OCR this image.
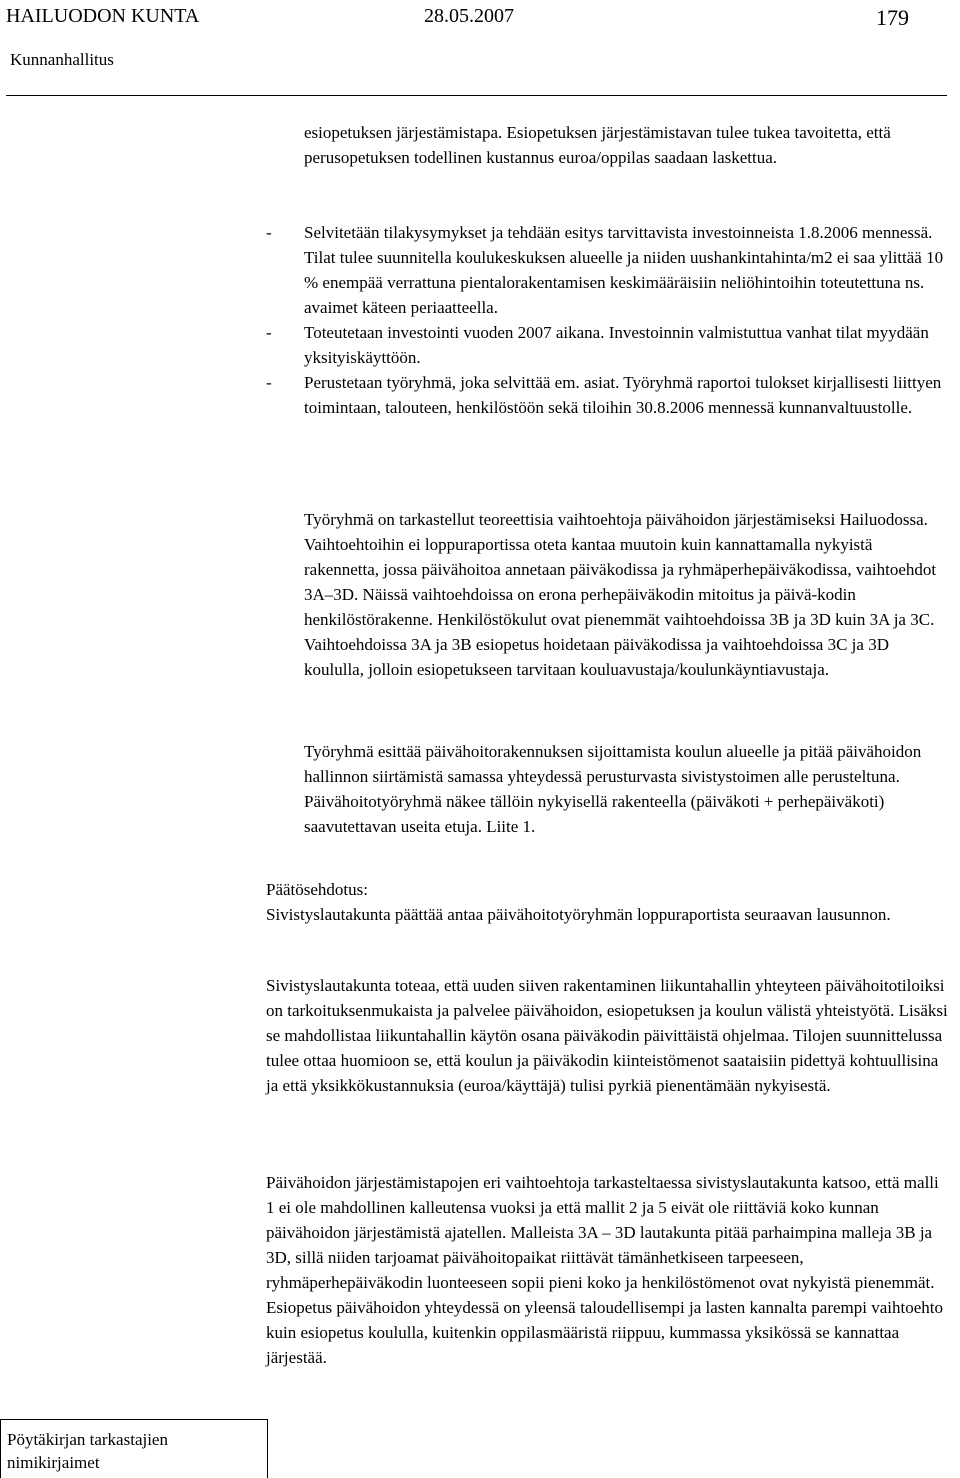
HAILUODON KUNTA	28.05.2007	179
Kunnanhallitus

esiopetuksen järjestämistapa. Esiopetuksen järjestämistavan tulee tukea tavoitetta, että perusopetuksen todellinen kustannus euroa/oppilas saadaan laskettua.

- Selvitetään tilakysymykset ja tehdään esitys tarvittavista investoinneista 1.8.2006 mennessä. Tilat tulee suunnitella koulukeskuksen alueelle ja niiden uushankintahinta/m2 ei saa ylittää 10 % enempää verrattuna pientalorakentamisen keskimääräisiin neliöhintoihin toteutettuna ns. avaimet käteen periaatteella.

- Toteutetaan investointi vuoden 2007 aikana. Investoinnin valmistuttua vanhat tilat myydään yksityiskäyttöön.

- Perustetaan työryhmä, joka selvittää em. asiat. Työryhmä raportoi tulokset kirjallisesti liittyen toimintaan, talouteen, henkilöstöön sekä tiloihin 30.8.2006 mennessä kunnanvaltuustolle.

Työryhmä on tarkastellut teoreettisia vaihtoehtoja päivähoidon järjestämiseksi Hailuodossa. Vaihtoehtoihin ei loppuraportissa oteta kantaa muutoin kuin kannattamalla nykyistä rakennetta, jossa päivähoitoa annetaan päiväkodissa ja ryhmäperhepäiväkodissa, vaihtoehdot 3A–3D. Näissä vaihtoehdoissa on erona perhepäiväkodin mitoitus ja päivä-kodin henkilöstörakenne. Henkilöstökulut ovat pienemmät vaihtoehdoissa 3B ja 3D kuin 3A ja 3C. Vaihtoehdoissa 3A ja 3B esiopetus hoidetaan päiväkodissa ja vaihtoehdoissa 3C ja 3D koululla, jolloin esiopetukseen tarvitaan kouluavustaja/koulunkäyntiavustaja.

Työryhmä esittää päivähoitorakennuksen sijoittamista koulun alueelle ja pitää päivähoidon hallinnon siirtämistä samassa yhteydessä perusturvasta sivistystoimen alle perusteltuna. Päivähoitotyöryhmä näkee tällöin nykyisellä rakenteella (päiväkoti + perhepäiväkoti) saavutettavan useita etuja. Liite 1.

Päätösehdotus:

Sivistyslautakunta päättää antaa päivähoitotyöryhmän loppuraportista seuraavan lausunnon.

Sivistyslautakunta toteaa, että uuden siiven rakentaminen liikuntahallin yhteyteen päivähoitotiloiksi on tarkoituksenmukaista ja palvelee päivähoidon, esiopetuksen ja koulun välistä yhteistyötä. Lisäksi se mahdollistaa liikuntahallin käytön osana päiväkodin päivittäistä ohjelmaa. Tilojen suunnittelussa tulee ottaa huomioon se, että koulun ja päiväkodin kiinteistömenot saataisiin pidettyä kohtuullisina ja että yksikkökustannuksia (euroa/käyttäjä) tulisi pyrkiä pienentämään nykyisestä.

Päivähoidon järjestämistapojen eri vaihtoehtoja tarkasteltaessa sivistyslautakunta katsoo, että malli 1 ei ole mahdollinen kalleutensa vuoksi ja että mallit 2 ja 5 eivät ole riittäviä koko kunnan päivähoidon järjestämistä ajatellen. Malleista 3A – 3D lautakunta pitää parhaimpina malleja 3B ja 3D, sillä niiden tarjoamat päivähoitopaikat riittävät tämänhetkiseen tarpeeseen, ryhmäperhepäiväkodin luonteeseen sopii pieni koko ja henkilöstömenot ovat nykyistä pienemmät. Esiopetus päivähoidon yhteydessä on yleensä taloudellisempi ja lasten kannalta parempi vaihtoehto kuin esiopetus koululla, kuitenkin oppilasmääristä riippuu, kummassa yksikössä se kannattaa järjestää.

Pöytäkirjan tarkastajien
nimikirjaimet
